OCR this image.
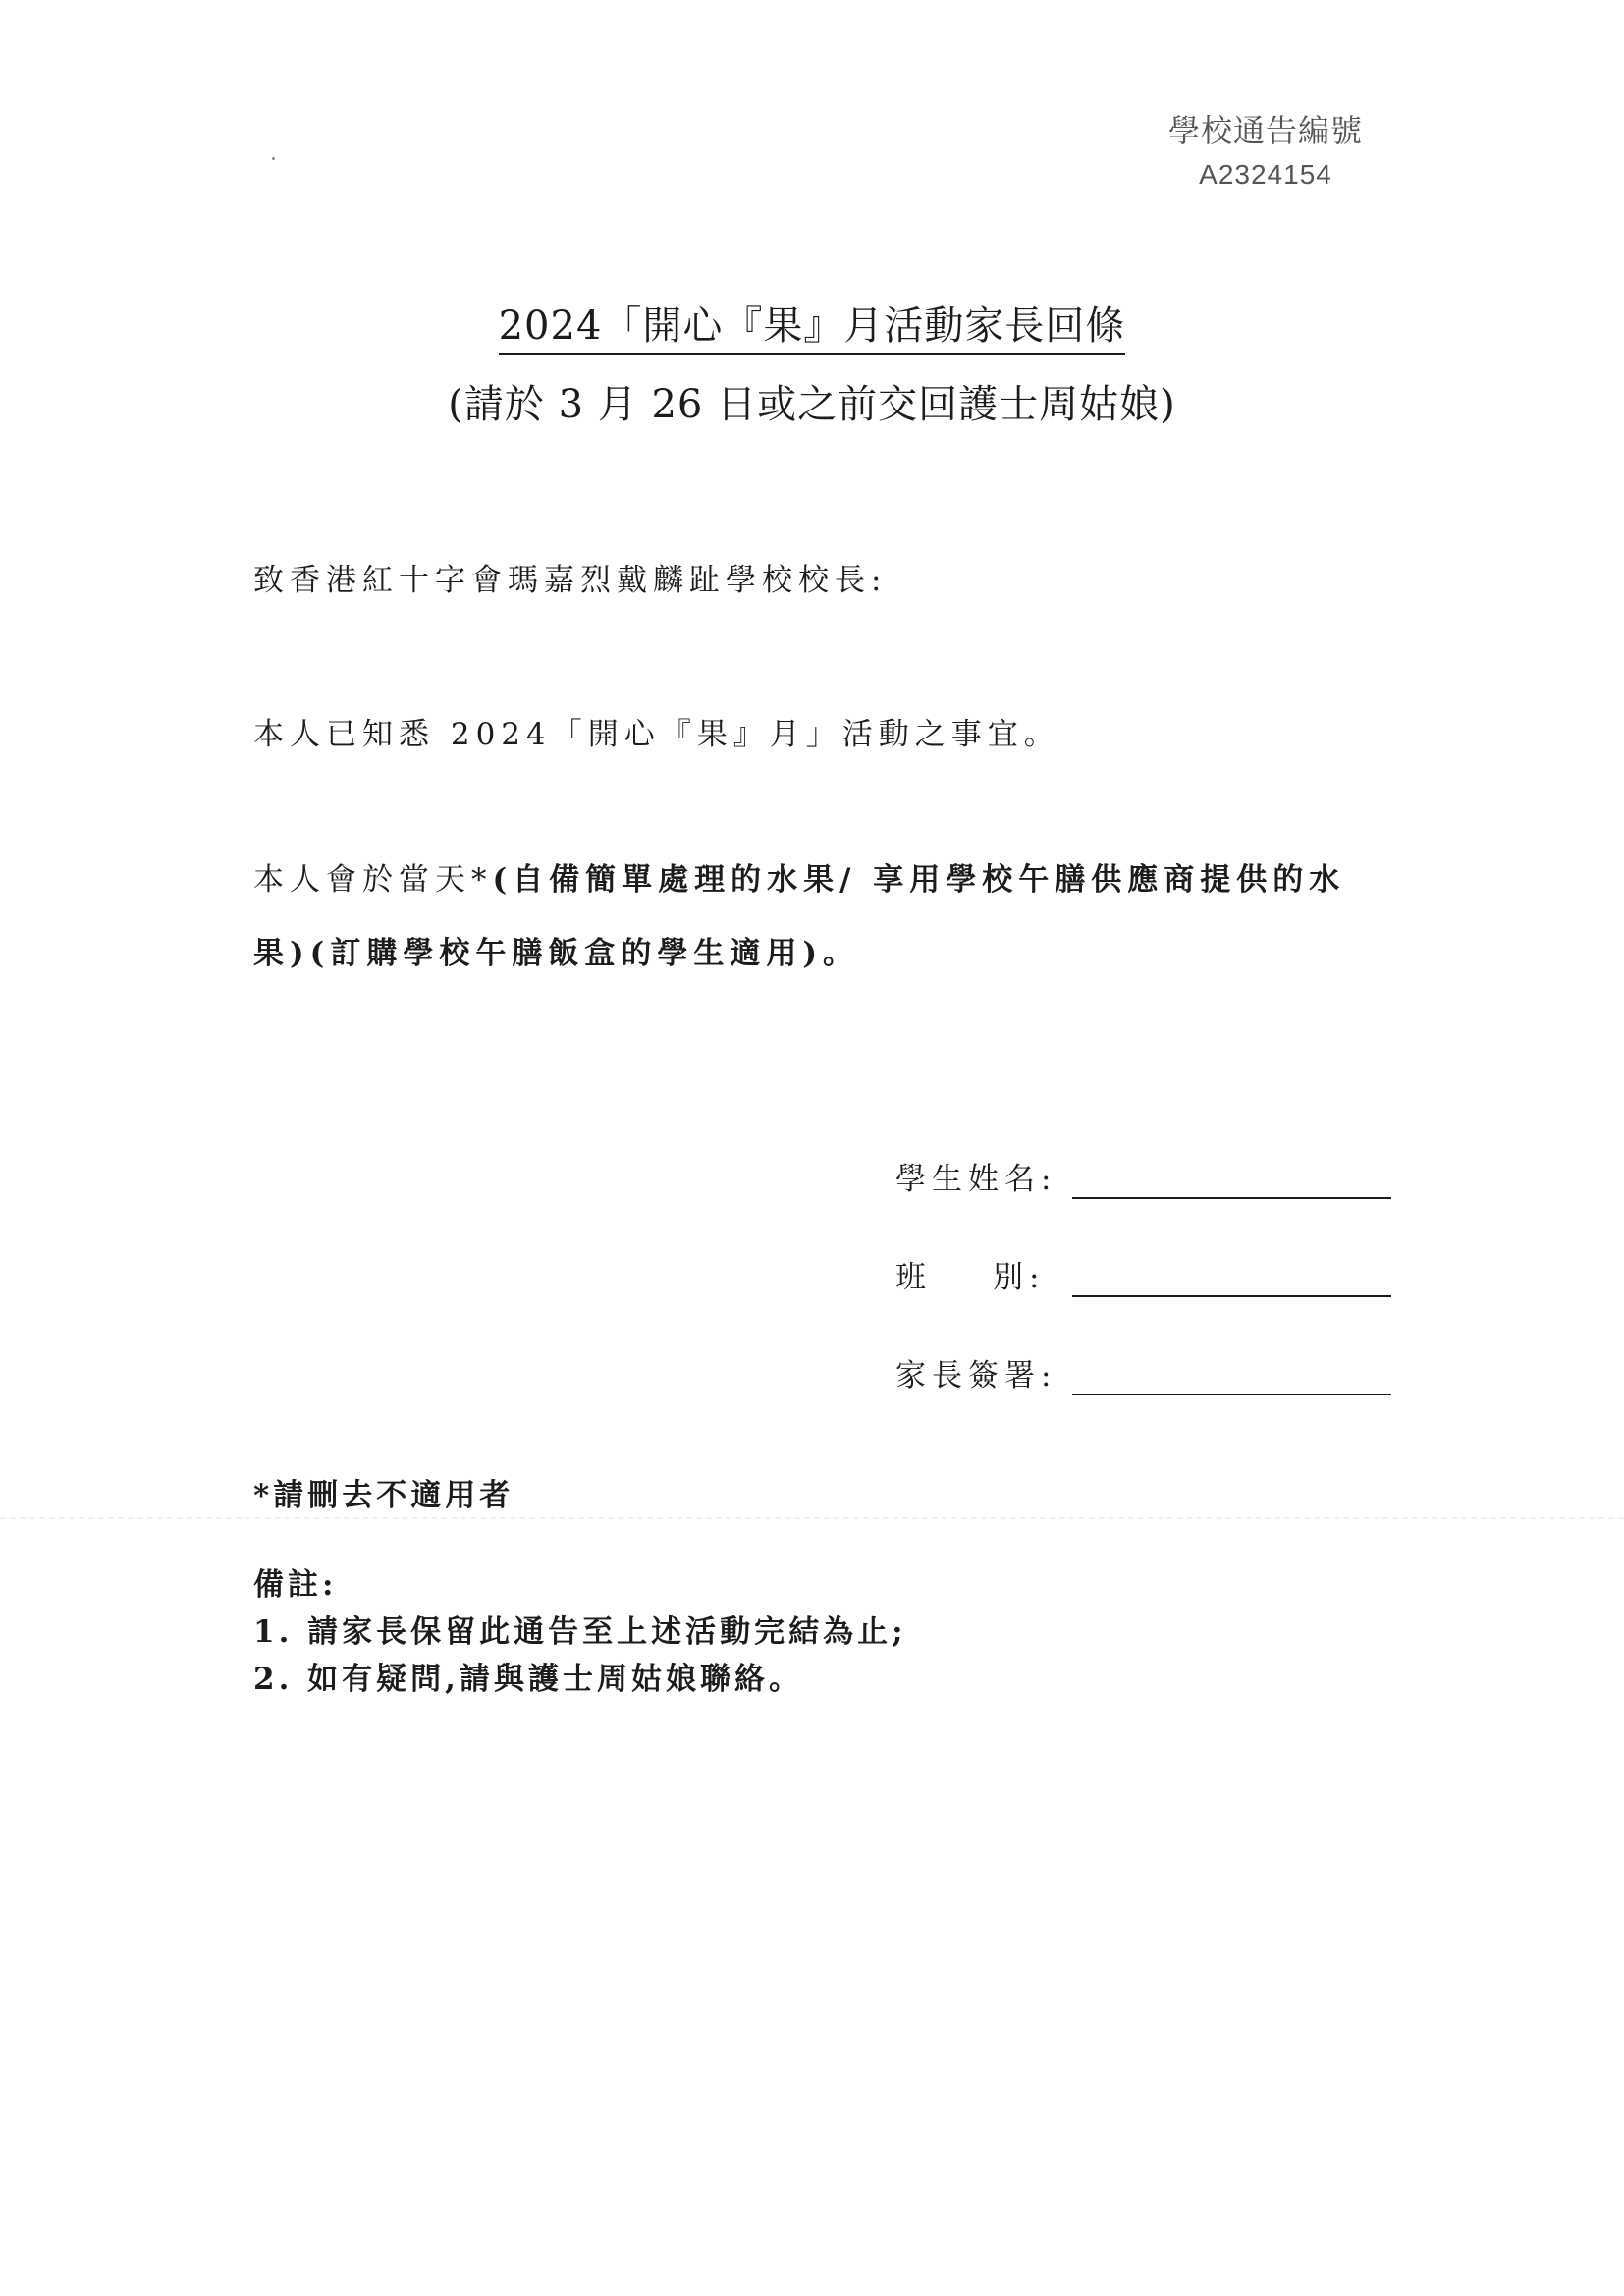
學校通告編號
A2324154
2024「開心『果』月活動家長回條
(請於 3 月 26 日或之前交回護士周姑娘)
致香港紅十字會瑪嘉烈戴麟趾學校校長:
本人已知悉 2024「開心『果』月」活動之事宜。
本人會於當天*(自備簡單處理的水果/ 享用學校午膳供應商提供的水
果)(訂購學校午膳飯盒的學生適用)。
學生姓名:
班 別:
家長簽署:
*請刪去不適用者
備註:
1. 請家長保留此通告至上述活動完結為止;
2. 如有疑問,請與護士周姑娘聯絡。
